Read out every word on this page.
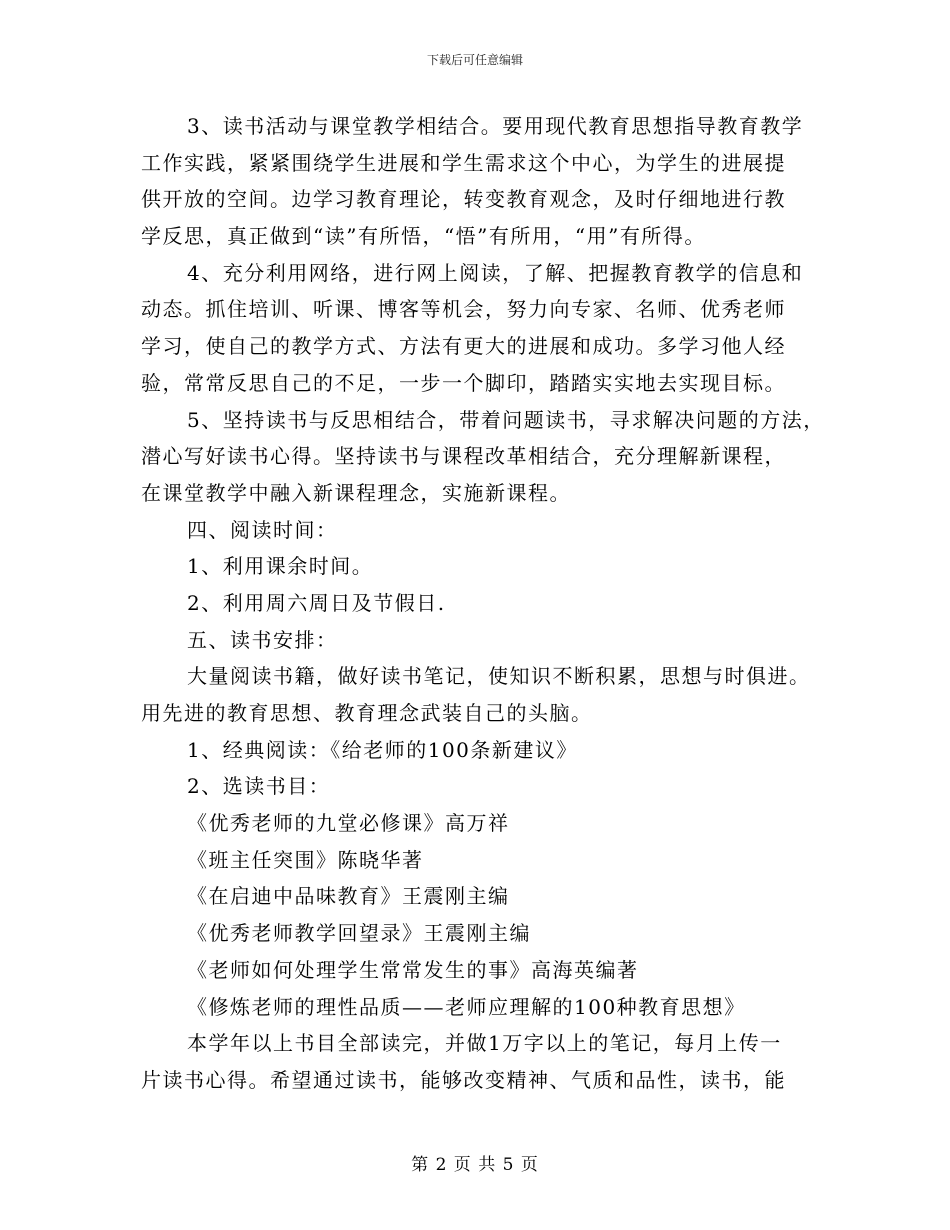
下载后可任意编辑
3、读书活动与课堂教学相结合。要用现代教育思想指导教育教学
工作实践，紧紧围绕学生进展和学生需求这个中心，为学生的进展提
供开放的空间。边学习教育理论，转变教育观念，及时仔细地进行教
学反思，真正做到“读”有所悟，“悟”有所用，“用”有所得。
4、充分利用网络，进行网上阅读，了解、把握教育教学的信息和
动态。抓住培训、听课、博客等机会，努力向专家、名师、优秀老师
学习，使自己的教学方式、方法有更大的进展和成功。多学习他人经
验，常常反思自己的不足，一步一个脚印，踏踏实实地去实现目标。
5、坚持读书与反思相结合，带着问题读书，寻求解决问题的方法，
潜心写好读书心得。坚持读书与课程改革相结合，充分理解新课程，
在课堂教学中融入新课程理念，实施新课程。
四、阅读时间：
1、利用课余时间。
2、利用周六周日及节假日.
五、读书安排：
大量阅读书籍，做好读书笔记，使知识不断积累，思想与时俱进。
用先进的教育思想、教育理念武装自己的头脑。
1、经典阅读：《给老师的100条新建议》
2、选读书目：
《优秀老师的九堂必修课》高万祥
《班主任突围》陈晓华著
《在启迪中品味教育》王震刚主编
《优秀老师教学回望录》王震刚主编
《老师如何处理学生常常发生的事》高海英编著
《修炼老师的理性品质——老师应理解的100种教育思想》
本学年以上书目全部读完，并做1万字以上的笔记，每月上传一
片读书心得。希望通过读书，能够改变精神、气质和品性，读书，能
第 2 页 共 5 页
